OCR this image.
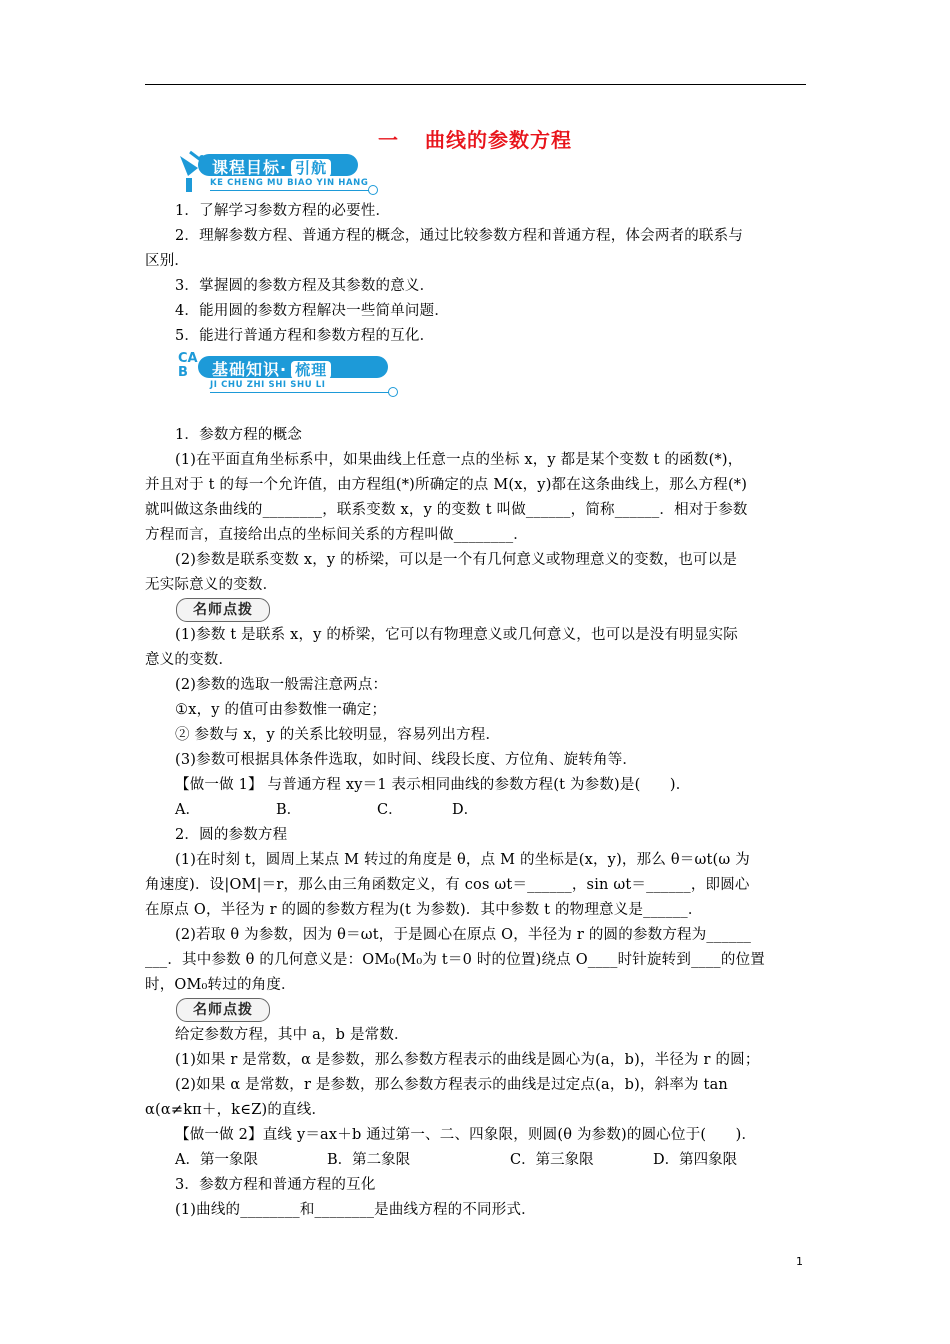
一 曲线的参数方程
课程目标· 引航
KE CHENG MU BIAO YIN HANG
1．了解学习参数方程的必要性．
2．理解参数方程、普通方程的概念，通过比较参数方程和普通方程，体会两者的联系与
区别．
3．掌握圆的参数方程及其参数的意义．
4．能用圆的参数方程解决一些简单问题．
5．能进行普通方程和参数方程的互化．
CAB	基础知识· 梳理
JI CHU ZHI SHI SHU LI
1．参数方程的概念
(1)在平面直角坐标系中，如果曲线上任意一点的坐标 x，y 都是某个变数 t 的函数(*)，
并且对于 t 的每一个允许值，由方程组(*)所确定的点 M(x，y)都在这条曲线上，那么方程(*)
就叫做这条曲线的________，联系变数 x，y 的变数 t 叫做______，简称______．相对于参数
方程而言，直接给出点的坐标间关系的方程叫做________．
(2)参数是联系变数 x，y 的桥梁，可以是一个有几何意义或物理意义的变数，也可以是
无实际意义的变数．
名师点拨
(1)参数 t 是联系 x，y 的桥梁，它可以有物理意义或几何意义，也可以是没有明显实际
意义的变数．
(2)参数的选取一般需注意两点：
①x，y 的值可由参数惟一确定；
② 参数与 x，y 的关系比较明显，容易列出方程．
(3)参数可根据具体条件选取，如时间、线段长度、方位角、旋转角等．
【做一做 1】 与普通方程 xy＝1 表示相同曲线的参数方程(t 为参数)是(　　)．
A．	B．	C．	D．
2．圆的参数方程
(1)在时刻 t，圆周上某点 M 转过的角度是 θ，点 M 的坐标是(x，y)，那么 θ＝ωt(ω 为
角速度)．设|OM|＝r，那么由三角函数定义，有 cos ωt＝______，sin ωt＝______，即圆心
在原点 O，半径为 r 的圆的参数方程为(t 为参数)．其中参数 t 的物理意义是______．
(2)若取 θ 为参数，因为 θ＝ωt，于是圆心在原点 O，半径为 r 的圆的参数方程为______
___．其中参数 θ 的几何意义是：OM₀(M₀为 t＝0 时的位置)绕点 O____时针旋转到____的位置
时，OM₀转过的角度．
名师点拨
给定参数方程，其中 a，b 是常数．
(1)如果 r 是常数，α 是参数，那么参数方程表示的曲线是圆心为(a，b)，半径为 r 的圆；
(2)如果 α 是常数，r 是参数，那么参数方程表示的曲线是过定点(a，b)，斜率为 tan
α(α≠kπ＋，k∈Z)的直线．
【做一做 2】直线 y＝ax＋b 通过第一、二、四象限，则圆(θ 为参数)的圆心位于(　　)．
A．第一象限	B．第二象限	C．第三象限	D．第四象限
3．参数方程和普通方程的互化
(1)曲线的________和________是曲线方程的不同形式．
1
